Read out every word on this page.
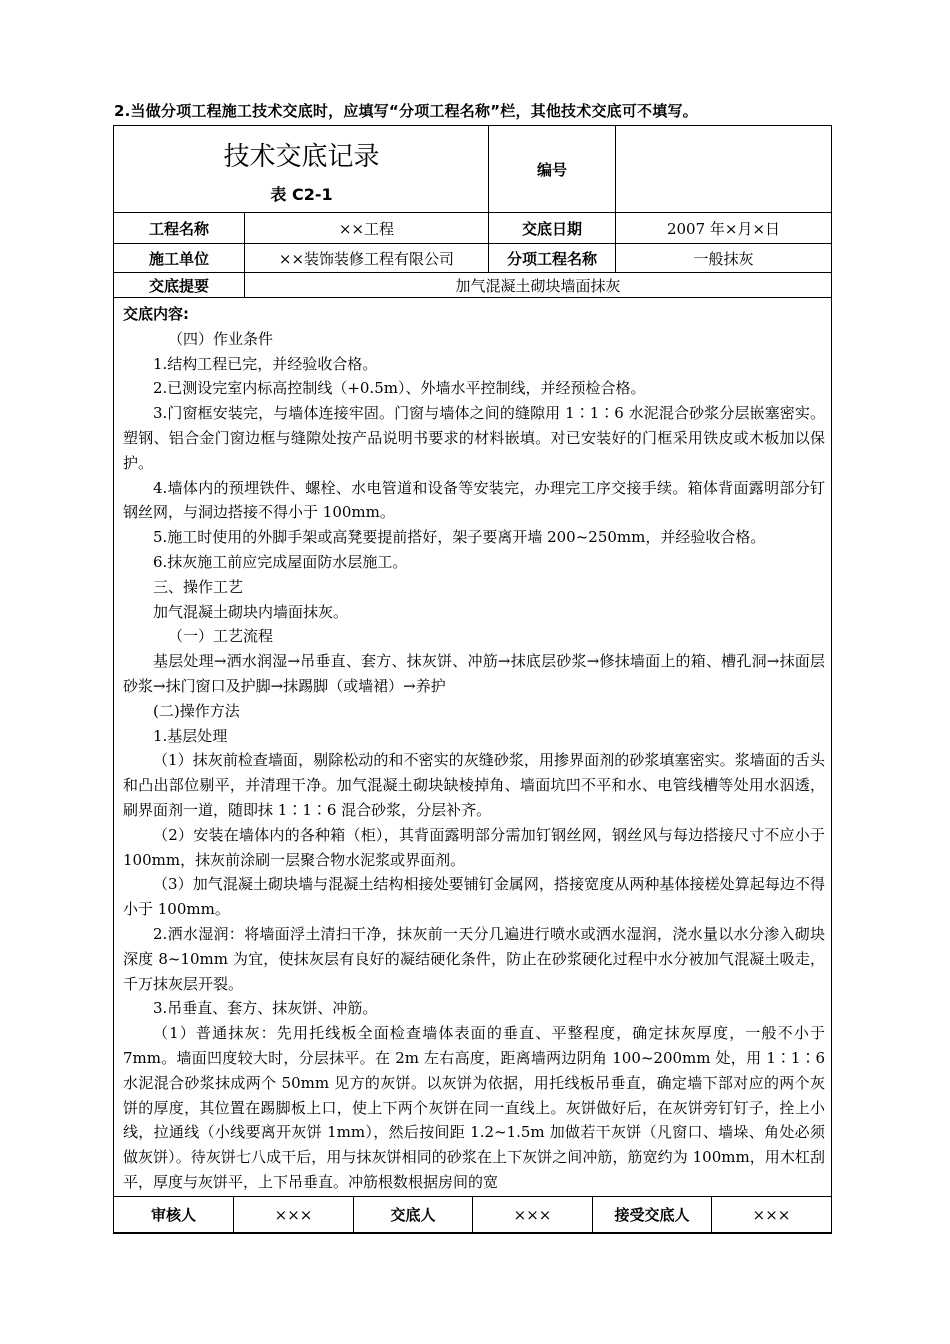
2.当做分项工程施工技术交底时，应填写“分项工程名称”栏，其他技术交底可不填写。
技术交底记录
表 C2-1
编号
工程名称	××工程	交底日期	2007 年×月×日
施工单位	××装饰装修工程有限公司	分项工程名称	一般抹灰
交底提要	加气混凝土砌块墙面抹灰
交底内容:

（四）作业条件

1.结构工程已完，并经验收合格。

2.已测设完室内标高控制线（+0.5m）、外墙水平控制线，并经预检合格。

3.门窗框安装完，与墙体连接牢固。门窗与墙体之间的缝隙用 1∶1∶6 水泥混合砂浆分层嵌塞密实。塑钢、铝合金门窗边框与缝隙处按产品说明书要求的材料嵌填。对已安装好的门框采用铁皮或木板加以保护。

4.墙体内的预埋铁件、螺栓、水电管道和设备等安装完，办理完工序交接手续。箱体背面露明部分钉钢丝网，与洞边搭接不得小于 100mm。

5.施工时使用的外脚手架或高凳要提前搭好，架子要离开墙 200~250mm，并经验收合格。

6.抹灰施工前应完成屋面防水层施工。

三、操作工艺

加气混凝土砌块内墙面抹灰。

（一）工艺流程

基层处理→洒水润湿→吊垂直、套方、抹灰饼、冲筋→抹底层砂浆→修抹墙面上的箱、槽孔洞→抹面层砂浆→抹门窗口及护脚→抹踢脚（或墙裙）→养护

(二)操作方法

1.基层处理

（1）抹灰前检查墙面，剔除松动的和不密实的灰缝砂浆，用掺界面剂的砂浆填塞密实。浆墙面的舌头和凸出部位剔平，并清理干净。加气混凝土砌块缺棱掉角、墙面坑凹不平和水、电管线槽等处用水泅透，刷界面剂一道，随即抹 1∶1∶6 混合砂浆，分层补齐。

（2）安装在墙体内的各种箱（柜），其背面露明部分需加钉钢丝网，钢丝风与每边搭接尺寸不应小于 100mm，抹灰前涂刷一层聚合物水泥浆或界面剂。

（3）加气混凝土砌块墙与混凝土结构相接处要铺钉金属网，搭接宽度从两种基体接槎处算起每边不得小于 100mm。

2.洒水湿润：将墙面浮土清扫干净，抹灰前一天分几遍进行喷水或洒水湿润，浇水量以水分渗入砌块深度 8~10mm 为宜，使抹灰层有良好的凝结硬化条件，防止在砂浆硬化过程中水分被加气混凝土吸走，千万抹灰层开裂。

3.吊垂直、套方、抹灰饼、冲筋。

（1）普通抹灰：先用托线板全面检查墙体表面的垂直、平整程度，确定抹灰厚度，一般不小于 7mm。墙面凹度较大时，分层抹平。在 2m 左右高度，距离墙两边阴角 100~200mm 处，用 1∶1∶6 水泥混合砂浆抹成两个 50mm 见方的灰饼。以灰饼为依据，用托线板吊垂直，确定墙下部对应的两个灰饼的厚度，其位置在踢脚板上口，使上下两个灰饼在同一直线上。灰饼做好后，在灰饼旁钉钉子，拴上小线，拉通线（小线要离开灰饼 1mm），然后按间距 1.2~1.5m 加做若干灰饼（凡窗口、墙垛、角处必须做灰饼）。待灰饼七八成干后，用与抹灰饼相同的砂浆在上下灰饼之间冲筋，筋宽约为 100mm，用木杠刮平，厚度与灰饼平，上下吊垂直。冲筋根数根据房间的宽

审核人	×××	交底人	×××	接受交底人	×××
